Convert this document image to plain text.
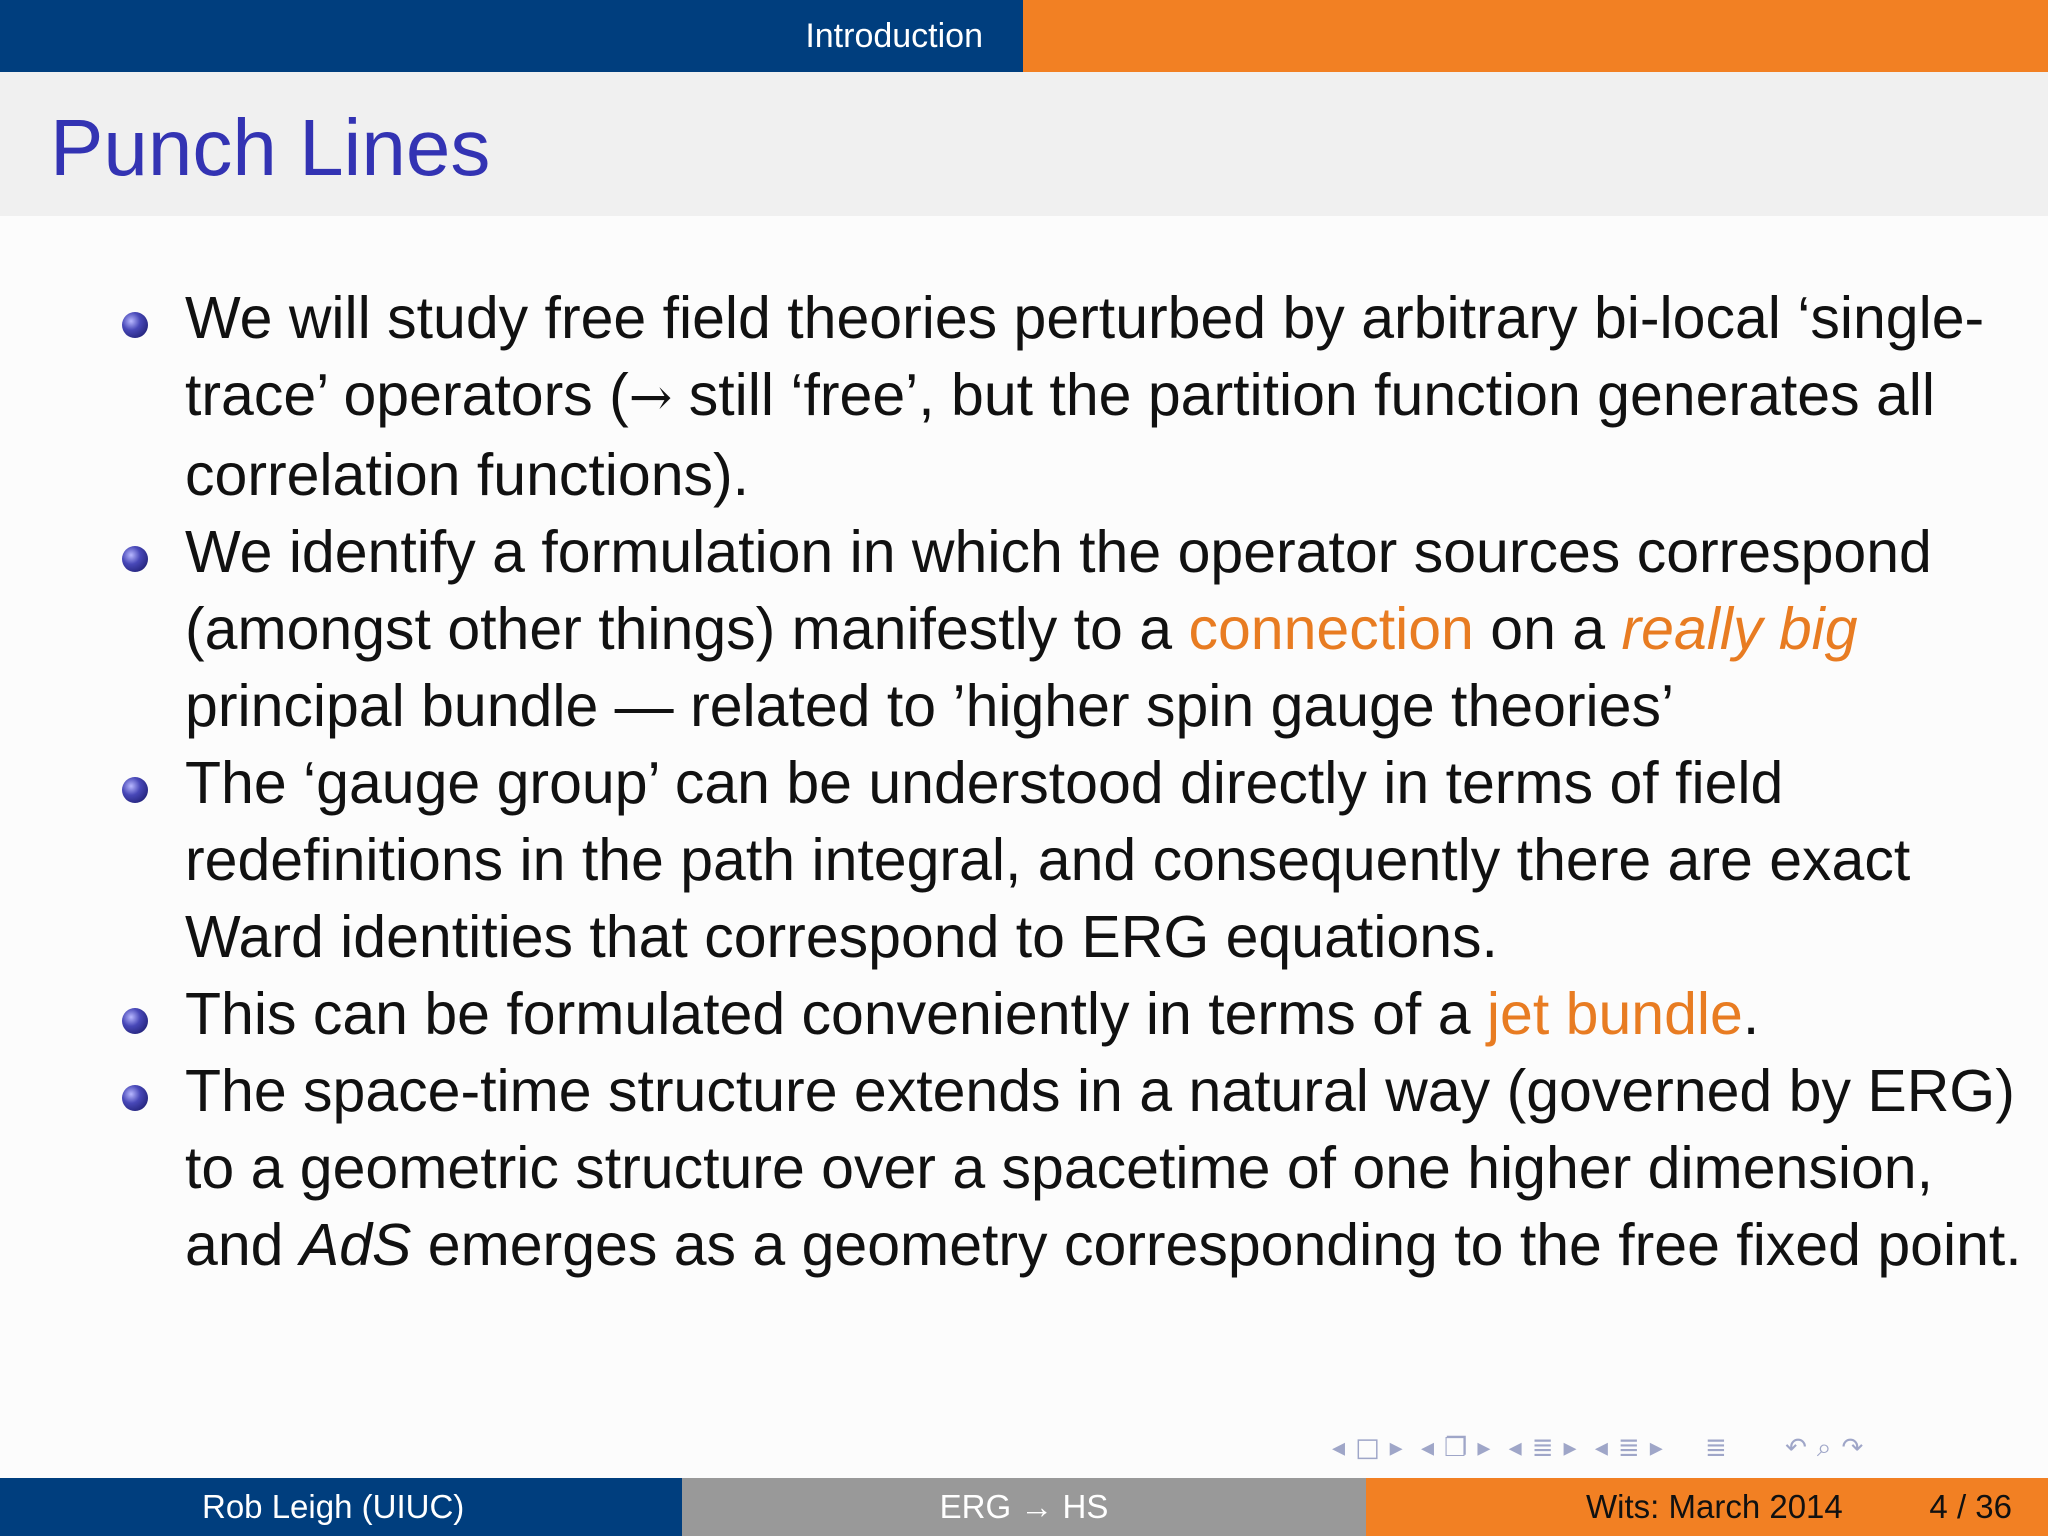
Introduction
Punch Lines
We will study free field theories perturbed by arbitrary bi-local ‘single-trace’ operators (→ still ‘free’, but the partition function generates all correlation functions).
We identify a formulation in which the operator sources correspond (amongst other things) manifestly to a connection on a really big principal bundle — related to ’higher spin gauge theories’
The ‘gauge group’ can be understood directly in terms of field redefinitions in the path integral, and consequently there are exact Ward identities that correspond to ERG equations.
This can be formulated conveniently in terms of a jet bundle.
The space-time structure extends in a natural way (governed by ERG) to a geometric structure over a spacetime of one higher dimension, and AdS emerges as a geometry corresponding to the free fixed point.
◂ □ ▸ ◂ ❐ ▸ ◂ ≣ ▸ ◂ ≣ ▸ ≣ ↶ ⌕ ↷
Rob Leigh (UIUC)	ERG → HS	Wits: March 2014	4 / 36
